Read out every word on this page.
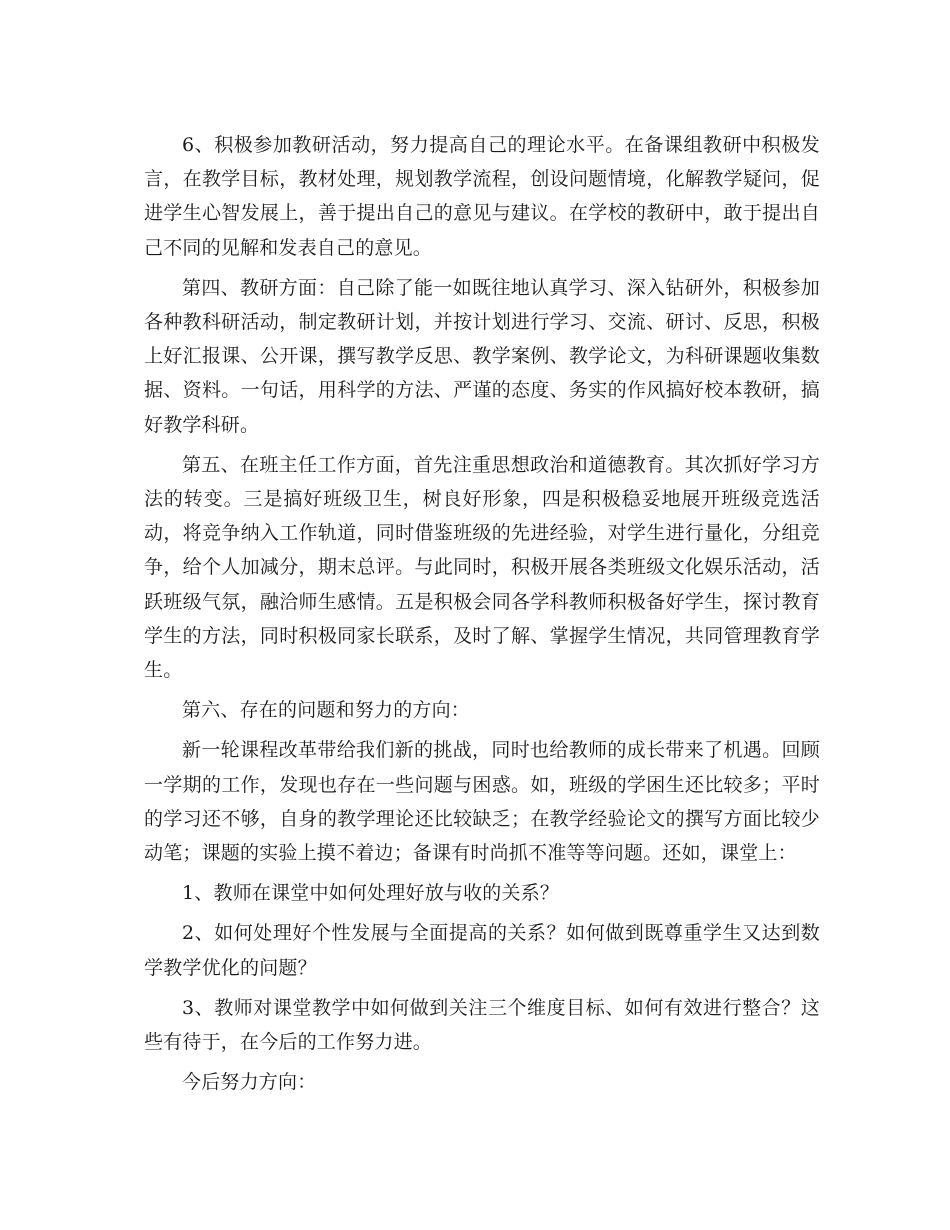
6、积极参加教研活动，努力提高自己的理论水平。在备课组教研中积极发言，在教学目标，教材处理，规划教学流程，创设问题情境，化解教学疑问，促进学生心智发展上，善于提出自己的意见与建议。在学校的教研中，敢于提出自己不同的见解和发表自己的意见。

第四、教研方面：自己除了能一如既往地认真学习、深入钻研外，积极参加各种教科研活动，制定教研计划，并按计划进行学习、交流、研讨、反思，积极上好汇报课、公开课，撰写教学反思、教学案例、教学论文，为科研课题收集数据、资料。一句话，用科学的方法、严谨的态度、务实的作风搞好校本教研，搞好教学科研。

第五、在班主任工作方面，首先注重思想政治和道德教育。其次抓好学习方法的转变。三是搞好班级卫生，树良好形象，四是积极稳妥地展开班级竞选活动，将竞争纳入工作轨道，同时借鉴班级的先进经验，对学生进行量化，分组竞争，给个人加减分，期末总评。与此同时，积极开展各类班级文化娱乐活动，活跃班级气氛，融洽师生感情。五是积极会同各学科教师积极备好学生，探讨教育学生的方法，同时积极同家长联系，及时了解、掌握学生情况，共同管理教育学生。

第六、存在的问题和努力的方向：

新一轮课程改革带给我们新的挑战，同时也给教师的成长带来了机遇。回顾一学期的工作，发现也存在一些问题与困惑。如，班级的学困生还比较多；平时的学习还不够，自身的教学理论还比较缺乏；在教学经验论文的撰写方面比较少动笔；课题的实验上摸不着边；备课有时尚抓不准等等问题。还如，课堂上：

1、教师在课堂中如何处理好放与收的关系？

2、如何处理好个性发展与全面提高的关系？如何做到既尊重学生又达到数学教学优化的问题？

3、教师对课堂教学中如何做到关注三个维度目标、如何有效进行整合？这些有待于，在今后的工作努力进。

今后努力方向：
